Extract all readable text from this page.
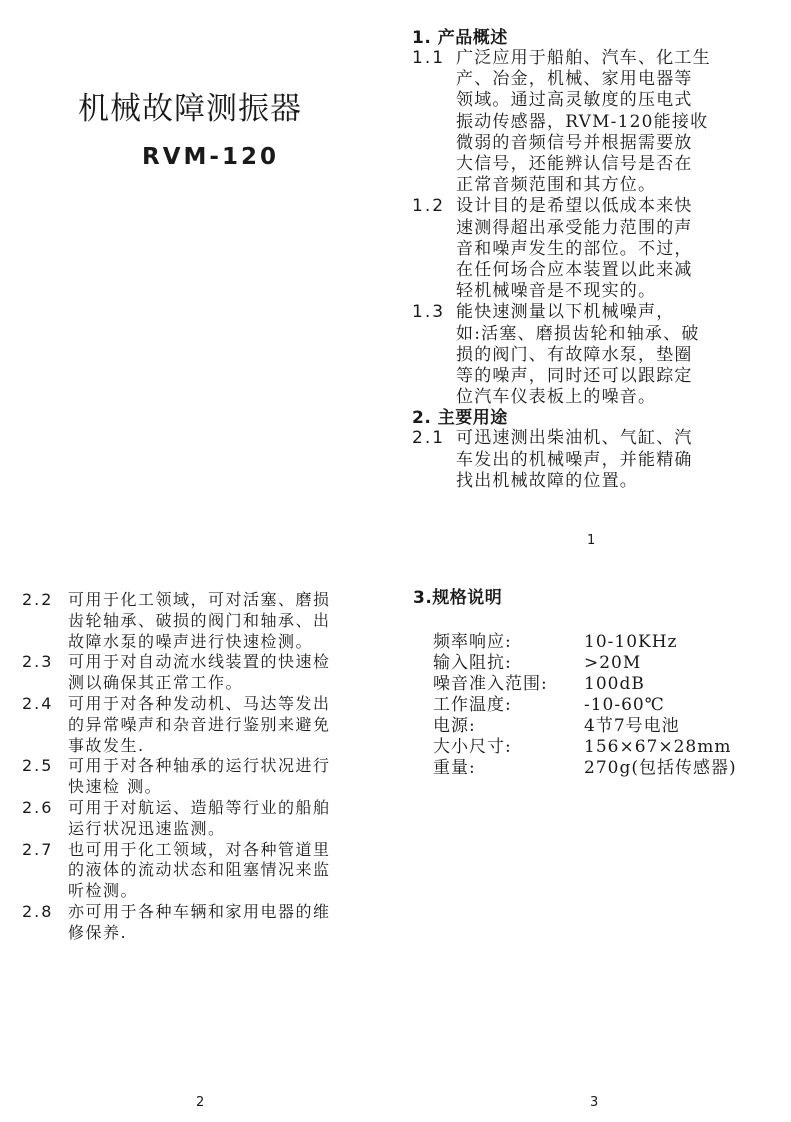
机械故障测振器
RVM-120
1. 产品概述
1.1 广泛应用于船舶、汽车、化工生
产、冶金，机械、家用电器等
领域。通过高灵敏度的压电式
振动传感器，RVM-120能接收
微弱的音频信号并根据需要放
大信号，还能辨认信号是否在
正常音频范围和其方位。
1.2 设计目的是希望以低成本来快
速测得超出承受能力范围的声
音和噪声发生的部位。不过，
在任何场合应本装置以此来减
轻机械噪音是不现实的。
1.3 能快速测量以下机械噪声，
如:活塞、磨损齿轮和轴承、破
损的阀门、有故障水泵，垫圈
等的噪声，同时还可以跟踪定
位汽车仪表板上的噪音。
2. 主要用途
2.1 可迅速测出柴油机、气缸、汽
车发出的机械噪声，并能精确
找出机械故障的位置。
1
2.2 可用于化工领域，可对活塞、磨损
齿轮轴承、破损的阀门和轴承、出
故障水泵的噪声进行快速检测。
2.3 可用于对自动流水线装置的快速检
测以确保其正常工作。
2.4 可用于对各种发动机、马达等发出
的异常噪声和杂音进行鉴别来避免
事故发生.
2.5 可用于对各种轴承的运行状况进行
快速检 测。
2.6 可用于对航运、造船等行业的船舶
运行状况迅速监测。
2.7 也可用于化工领域，对各种管道里
的液体的流动状态和阻塞情况来监
听检测。
2.8 亦可用于各种车辆和家用电器的维
修保养.
2
3.规格说明
频率响应:	10-10KHz
输入阻抗:	>20M
噪音准入范围:	100dB
工作温度:	-10-60℃
电源:	4节7号电池
大小尺寸:	156×67×28mm
重量:	270g(包括传感器)
3
